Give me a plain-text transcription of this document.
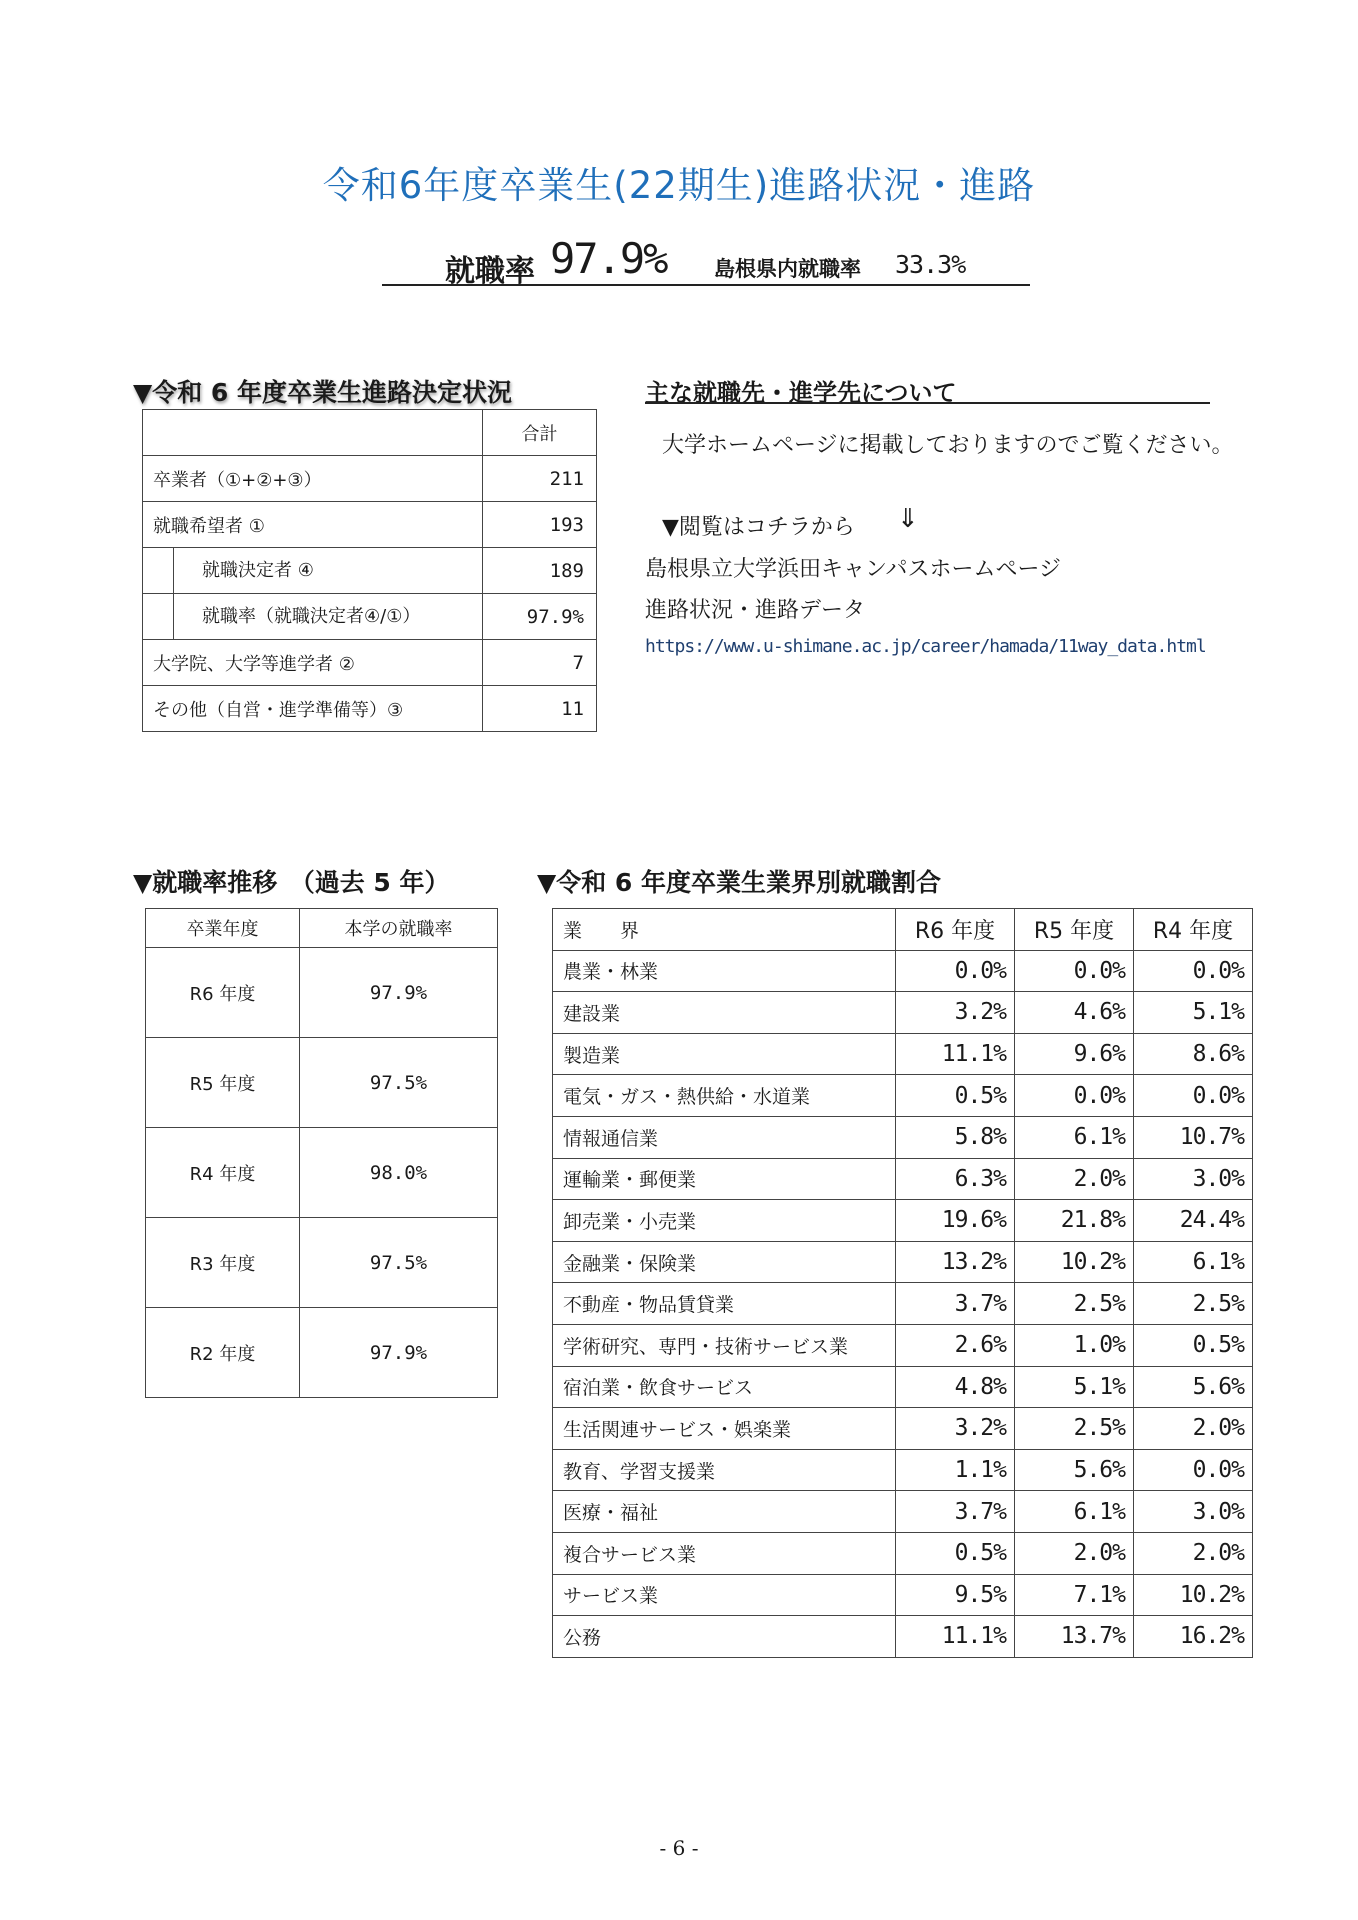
令和6年度卒業生(22期生)進路状況・進路
就職率 97.9% 島根県内就職率 33.3%
▼令和 6 年度卒業生進路決定状況
	合計
卒業者（①+②+③）	211
就職希望者 ①	193

就職決定者 ④	189

就職率（就職決定者④/①）	97.9%
大学院、大学等進学者 ②	7
その他（自営・進学準備等）③	11
主な就職先・進学先について
大学ホームページに掲載しておりますのでご覧ください。
▼閲覧はコチラから ⇓
島根県立大学浜田キャンパスホームページ
進路状況・進路データ
https://www.u-shimane.ac.jp/career/hamada/11way_data.html
▼就職率推移　（過去 5 年）
卒業年度	本学の就職率
R6 年度	97.9%
R5 年度	97.5%
R4 年度	98.0%
R3 年度	97.5%
R2 年度	97.9%
▼令和 6 年度卒業生業界別就職割合
業　　界	R6 年度	R5 年度	R4 年度
農業・林業	0.0%	0.0%	0.0%
建設業	3.2%	4.6%	5.1%
製造業	11.1%	9.6%	8.6%
電気・ガス・熱供給・水道業	0.5%	0.0%	0.0%
情報通信業	5.8%	6.1%	10.7%
運輸業・郵便業	6.3%	2.0%	3.0%
卸売業・小売業	19.6%	21.8%	24.4%
金融業・保険業	13.2%	10.2%	6.1%
不動産・物品賃貸業	3.7%	2.5%	2.5%
学術研究、専門・技術サービス業	2.6%	1.0%	0.5%
宿泊業・飲食サービス	4.8%	5.1%	5.6%
生活関連サービス・娯楽業	3.2%	2.5%	2.0%
教育、学習支援業	1.1%	5.6%	0.0%
医療・福祉	3.7%	6.1%	3.0%
複合サービス業	0.5%	2.0%	2.0%
サービス業	9.5%	7.1%	10.2%
公務	11.1%	13.7%	16.2%
- 6 -
